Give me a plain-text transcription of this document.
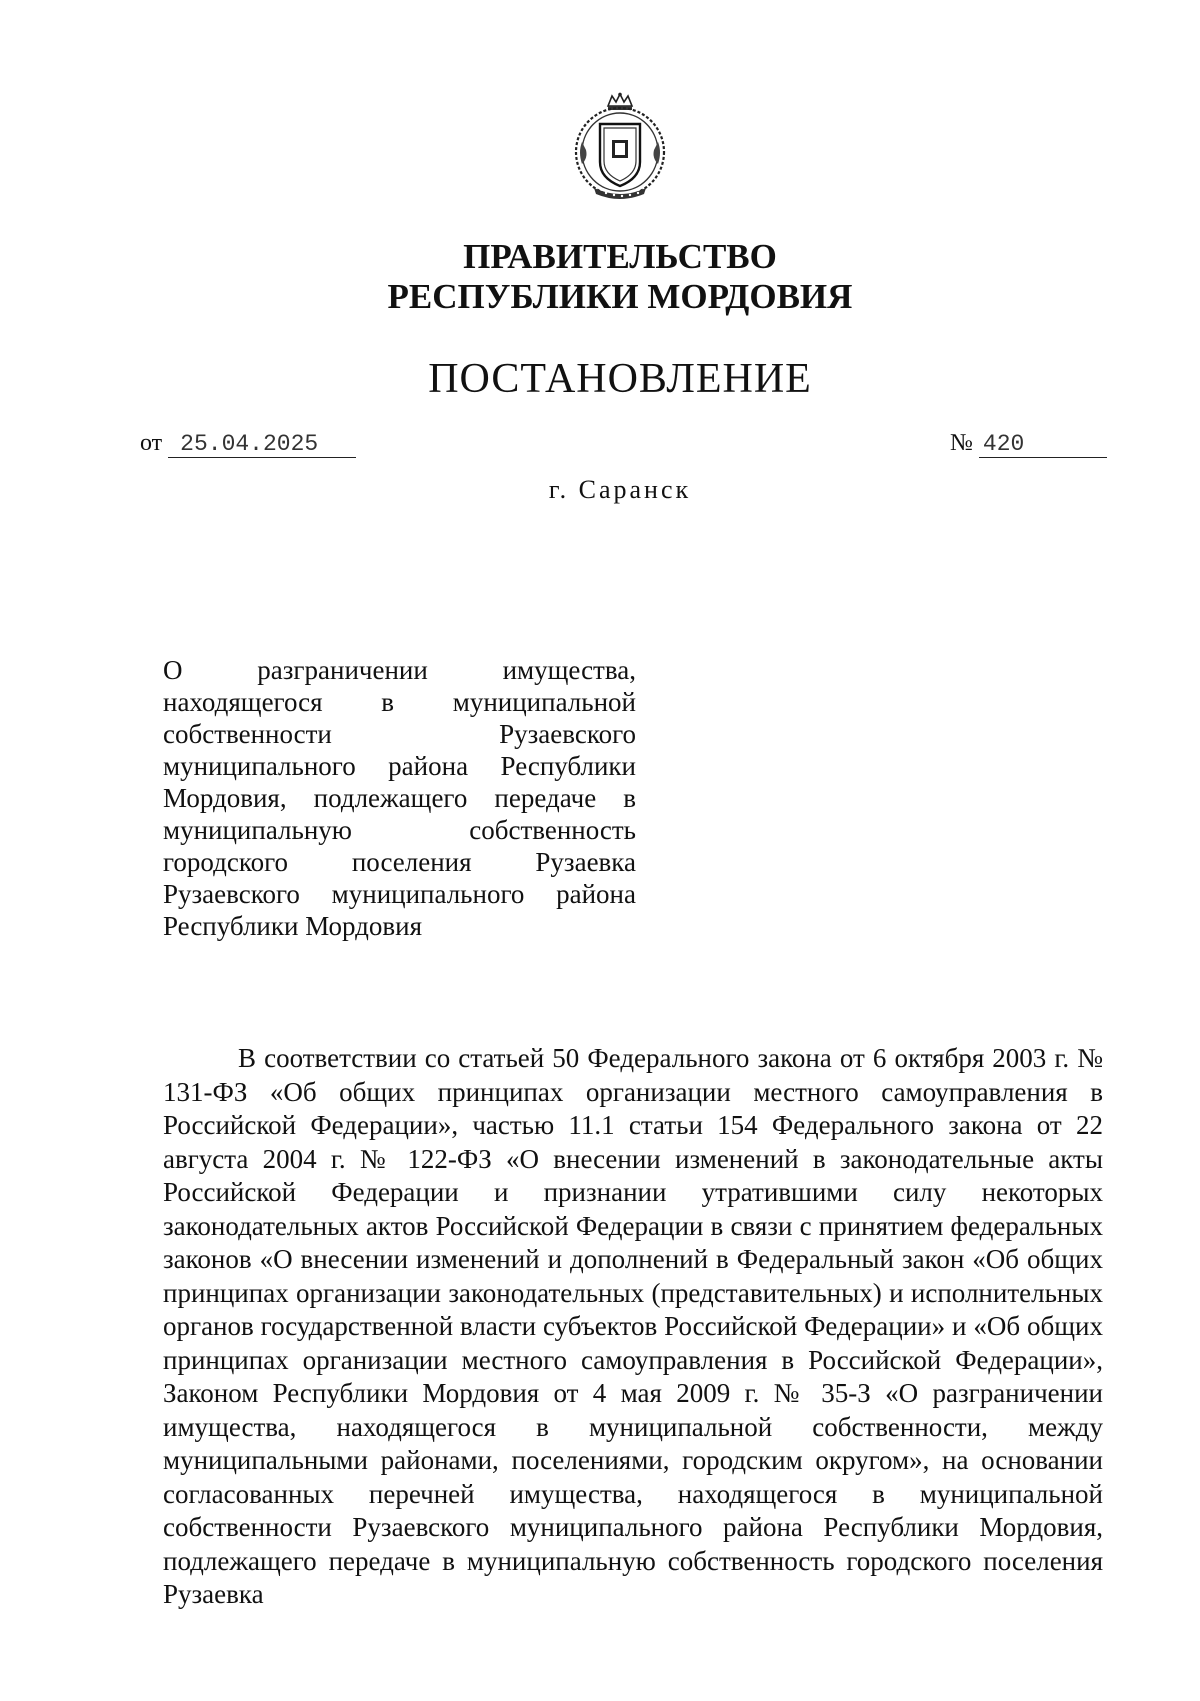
ПРАВИТЕЛЬСТВО
РЕСПУБЛИКИ МОРДОВИЯ
ПОСТАНОВЛЕНИЕ
от 25.04.2025	№ 420
г. Саранск
О разграничении имущества, находящегося в муниципальной собственности Рузаевского муниципального района Республики Мордовия, подлежащего передаче в муниципальную собственность городского поселения Рузаевка Рузаевского муниципального района Республики Мордовия

В соответствии со статьей 50 Федерального закона от 6 октября 2003 г. № 131-ФЗ «Об общих принципах организации местного самоуправления в Российской Федерации», частью 11.1 статьи 154 Федерального закона от 22 августа 2004 г. № 122-ФЗ «О внесении изменений в законодательные акты Российской Федерации и признании утратившими силу некоторых законодательных актов Российской Федерации в связи с принятием федеральных законов «О внесении изменений и дополнений в Федеральный закон «Об общих принципах организации законодательных (представительных) и исполнительных органов государственной власти субъектов Российской Федерации» и «Об общих принципах организации местного самоуправления в Российской Федерации», Законом Республики Мордовия от 4 мая 2009 г. № 35-З «О разграничении имущества, находящегося в муниципальной собственности, между муниципальными районами, поселениями, городским округом», на основании согласованных перечней имущества, находящегося в муниципальной собственности Рузаевского муниципального района Республики Мордовия, подлежащего передаче в муниципальную собственность городского поселения Рузаевка
